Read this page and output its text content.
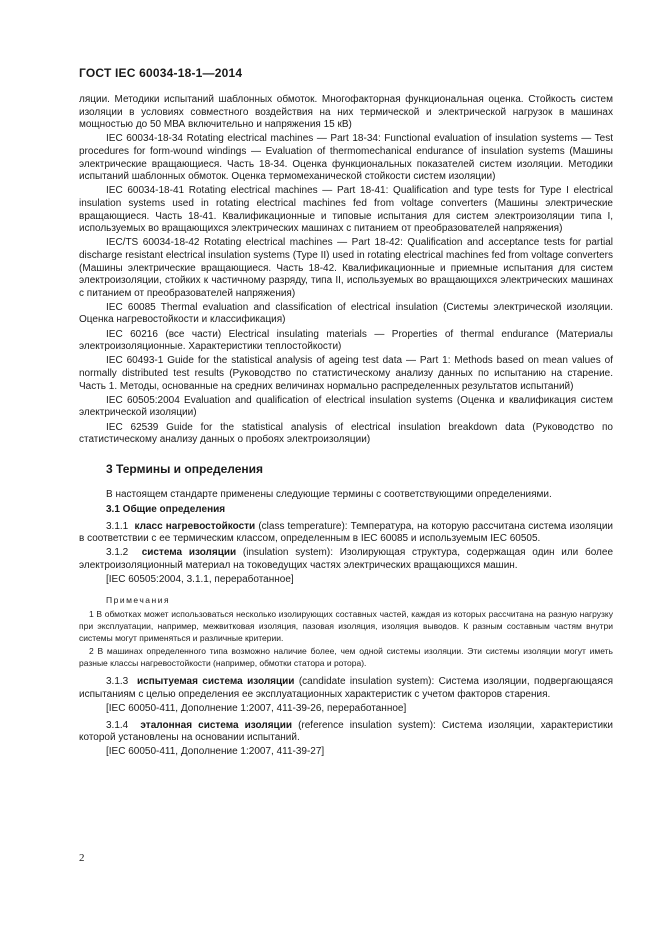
ГОСТ IEC 60034-18-1—2014

ляции. Методики испытаний шаблонных обмоток. Многофакторная функциональная оценка. Стойкость систем изоляции в условиях совместного воздействия на них термической и электрической нагрузок в машинах мощностью до 50 МВА включительно и напряжения 15 кВ)

IEC 60034-18-34 Rotating electrical machines — Part 18-34: Functional evaluation of insulation systems — Test procedures for form-wound windings — Evaluation of thermomechanical endurance of insulation systems (Машины электрические вращающиеся. Часть 18-34. Оценка функциональных показателей систем изоляции. Методики испытаний шаблонных обмоток. Оценка термомеханической стойкости систем изоляции)

IEC 60034-18-41 Rotating electrical machines — Part 18-41: Qualification and type tests for Type I electrical insulation systems used in rotating electrical machines fed from voltage converters (Машины электрические вращающиеся. Часть 18-41. Квалификационные и типовые испытания для систем электроизоляции типа I, используемых во вращающихся электрических машинах с питанием от преобразователей напряжения)

IEC/TS 60034-18-42 Rotating electrical machines — Part 18-42: Qualification and acceptance tests for partial discharge resistant electrical insulation systems (Type II) used in rotating electrical machines fed from voltage converters (Машины электрические вращающиеся. Часть 18-42. Квалификационные и приемные испытания для систем электроизоляции, стойких к частичному разряду, типа II, используемых во вращающихся электрических машинах с питанием от преобразователей напряжения)

IEC 60085 Thermal evaluation and classification of electrical insulation (Системы электрической изоляции. Оценка нагревостойкости и классификация)

IEC 60216 (все части) Electrical insulating materials — Properties of thermal endurance (Материалы электроизоляционные. Характеристики теплостойкости)

IEC 60493-1 Guide for the statistical analysis of ageing test data — Part 1: Methods based on mean values of normally distributed test results (Руководство по статистическому анализу данных по испытанию на старение. Часть 1. Методы, основанные на средних величинах нормально распределенных результатов испытаний)

IEC 60505:2004 Evaluation and qualification of electrical insulation systems (Оценка и квалификация систем электрической изоляции)

IEC 62539 Guide for the statistical analysis of electrical insulation breakdown data (Руководство по статистическому анализу данных о пробоях электроизоляции)

3 Термины и определения

В настоящем стандарте применены следующие термины с соответствующими определениями.

3.1 Общие определения

3.1.1 класс нагревостойкости (class temperature): Температура, на которую рассчитана система изоляции в соответствии с ее термическим классом, определенным в IEC 60085 и используемым IEC 60505.

3.1.2 система изоляции (insulation system): Изолирующая структура, содержащая один или более электроизоляционный материал на токоведущих частях электрических вращающихся машин.

[IEC 60505:2004, 3.1.1, переработанное]
Примечания

1 В обмотках может использоваться несколько изолирующих составных частей, каждая из которых рассчитана на разную нагрузку при эксплуатации, например, межвитковая изоляция, пазовая изоляция, изоляция выводов. К разным составным частям внутри системы могут применяться и различные критерии.

2 В машинах определенного типа возможно наличие более, чем одной системы изоляции. Эти системы изоляции могут иметь разные классы нагревостойкости (например, обмотки статора и ротора).

3.1.3 испытуемая система изоляции (candidate insulation system): Система изоляции, подвергающаяся испытаниям с целью определения ее эксплуатационных характеристик с учетом факторов старения.

[IEC 60050-411, Дополнение 1:2007, 411-39-26, переработанное]

3.1.4 эталонная система изоляции (reference insulation system): Система изоляции, характеристики которой установлены на основании испытаний.

[IEC 60050-411, Дополнение 1:2007, 411-39-27]
2
